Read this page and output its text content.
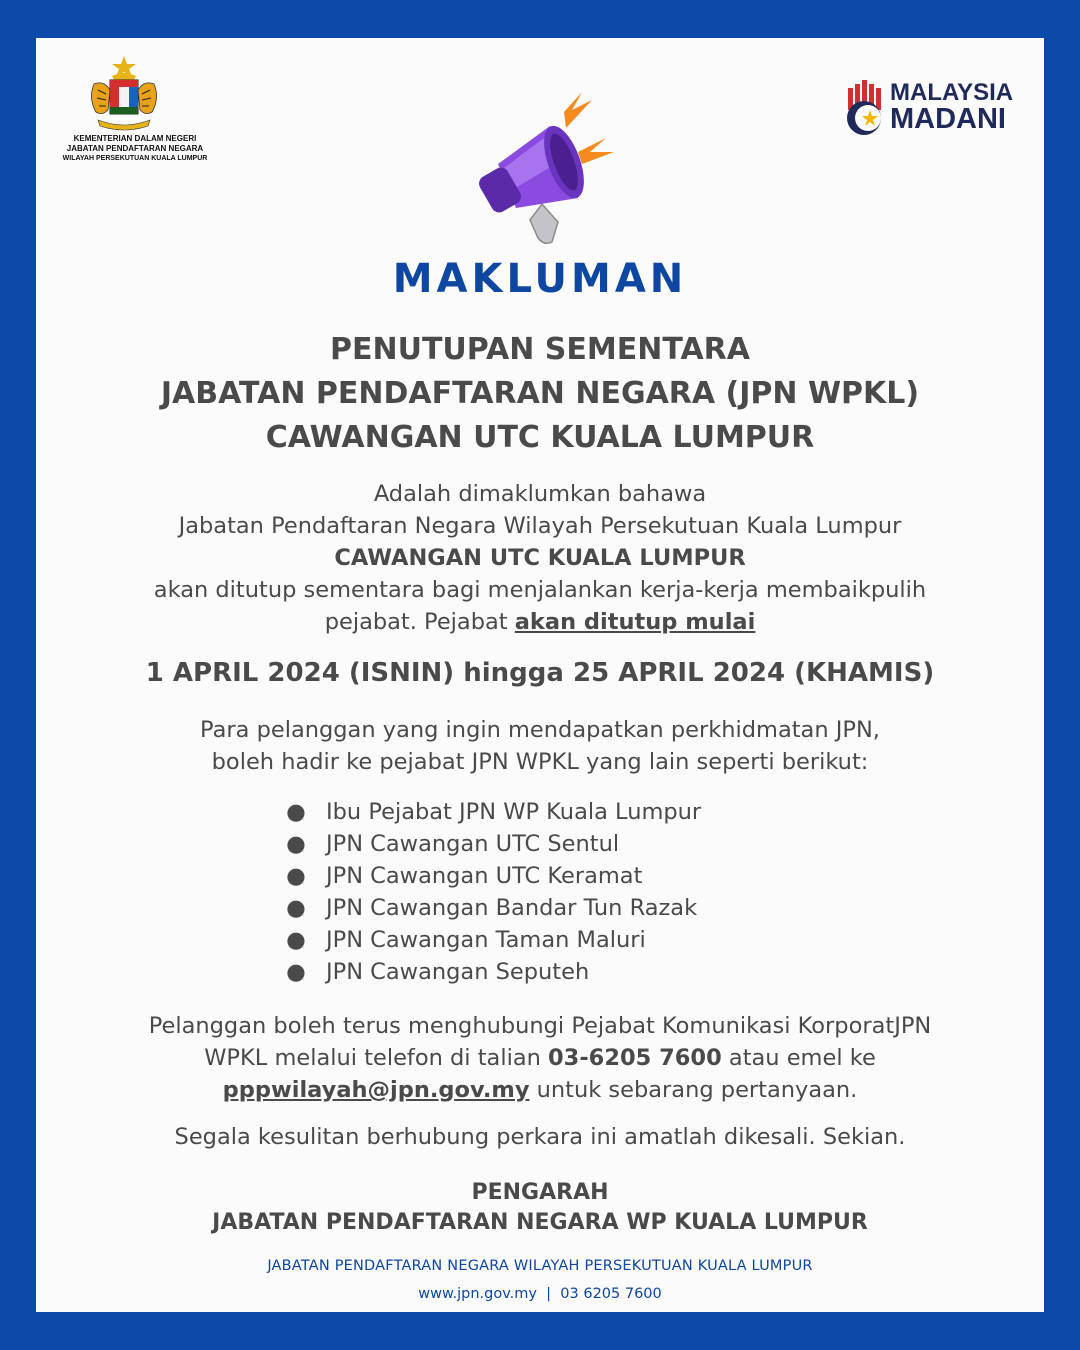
KEMENTERIAN DALAM NEGERI
JABATAN PENDAFTARAN NEGARA
WILAYAH PERSEKUTUAN KUALA LUMPUR
MALAYSIA
MADANI
MAKLUMAN
PENUTUPAN SEMENTARA
JABATAN PENDAFTARAN NEGARA (JPN WPKL)
CAWANGAN UTC KUALA LUMPUR
Adalah dimaklumkan bahawa
Jabatan Pendaftaran Negara Wilayah Persekutuan Kuala Lumpur
CAWANGAN UTC KUALA LUMPUR
akan ditutup sementara bagi menjalankan kerja-kerja membaikpulih
pejabat. Pejabat akan ditutup mulai
1 APRIL 2024 (ISNIN) hingga 25 APRIL 2024 (KHAMIS)
Para pelanggan yang ingin mendapatkan perkhidmatan JPN,
boleh hadir ke pejabat JPN WPKL yang lain seperti berikut:
● Ibu Pejabat JPN WP Kuala Lumpur
● JPN Cawangan UTC Sentul
● JPN Cawangan UTC Keramat
● JPN Cawangan Bandar Tun Razak
● JPN Cawangan Taman Maluri
● JPN Cawangan Seputeh
Pelanggan boleh terus menghubungi Pejabat Komunikasi KorporatJPN
WPKL melalui telefon di talian 03-6205 7600 atau emel ke
pppwilayah@jpn.gov.my untuk sebarang pertanyaan.
Segala kesulitan berhubung perkara ini amatlah dikesali. Sekian.
PENGARAH
JABATAN PENDAFTARAN NEGARA WP KUALA LUMPUR
JABATAN PENDAFTARAN NEGARA WILAYAH PERSEKUTUAN KUALA LUMPUR
www.jpn.gov.my  |  03 6205 7600
